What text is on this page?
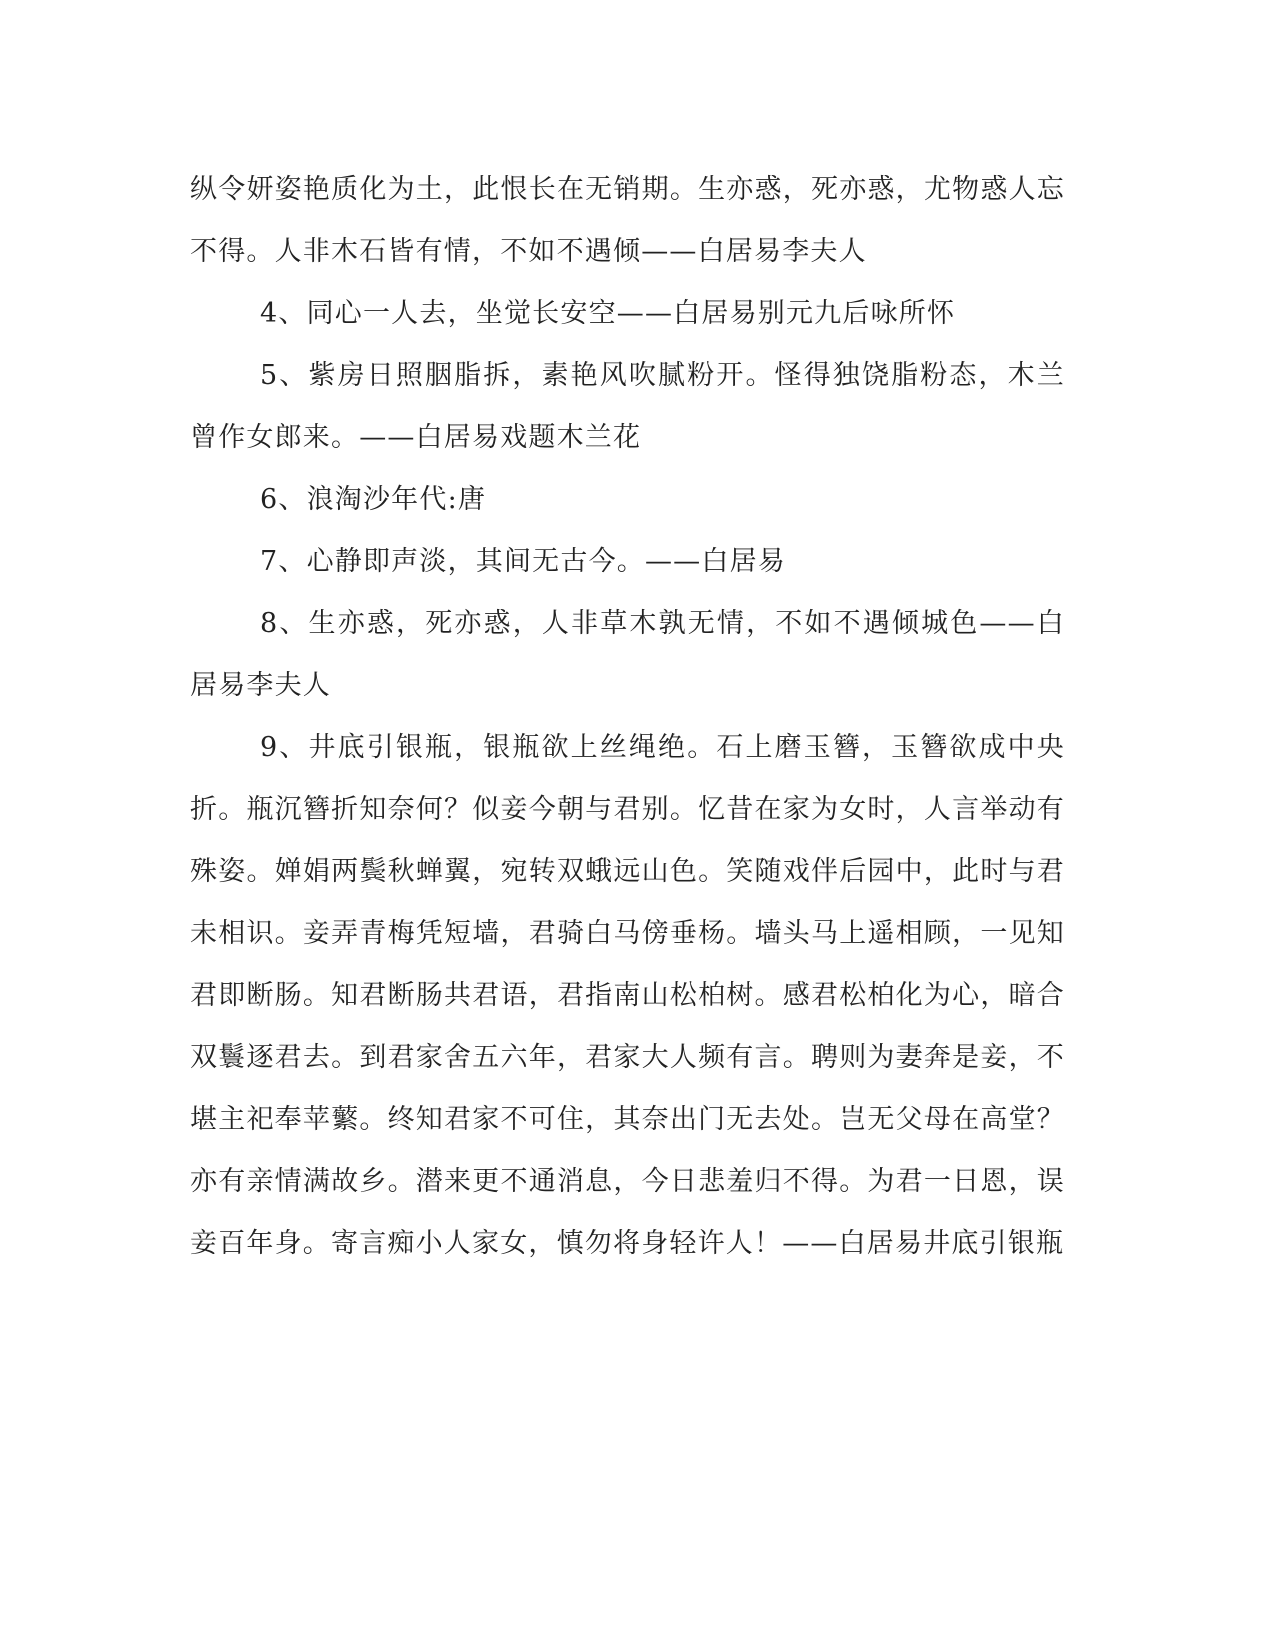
纵令妍姿艳质化为土，此恨长在无销期。生亦惑，死亦惑，尤物惑人忘不得。人非木石皆有情，不如不遇倾——白居易李夫人

4、同心一人去，坐觉长安空——白居易别元九后咏所怀

5、紫房日照胭脂拆，素艳风吹腻粉开。怪得独饶脂粉态，木兰曾作女郎来。——白居易戏题木兰花

6、浪淘沙年代:唐

7、心静即声淡，其间无古今。——白居易

8、生亦惑，死亦惑，人非草木孰无情，不如不遇倾城色——白居易李夫人

9、井底引银瓶，银瓶欲上丝绳绝。石上磨玉簪，玉簪欲成中央折。瓶沉簪折知奈何？似妾今朝与君别。忆昔在家为女时，人言举动有殊姿。婵娟两鬓秋蝉翼，宛转双蛾远山色。笑随戏伴后园中，此时与君未相识。妾弄青梅凭短墙，君骑白马傍垂杨。墙头马上遥相顾，一见知君即断肠。知君断肠共君语，君指南山松柏树。感君松柏化为心，暗合双鬟逐君去。到君家舍五六年，君家大人频有言。聘则为妻奔是妾，不堪主祀奉苹蘩。终知君家不可住，其奈出门无去处。岂无父母在高堂？亦有亲情满故乡。潜来更不通消息，今日悲羞归不得。为君一日恩，误妾百年身。寄言痴小人家女，慎勿将身轻许人！——白居易井底引银瓶
